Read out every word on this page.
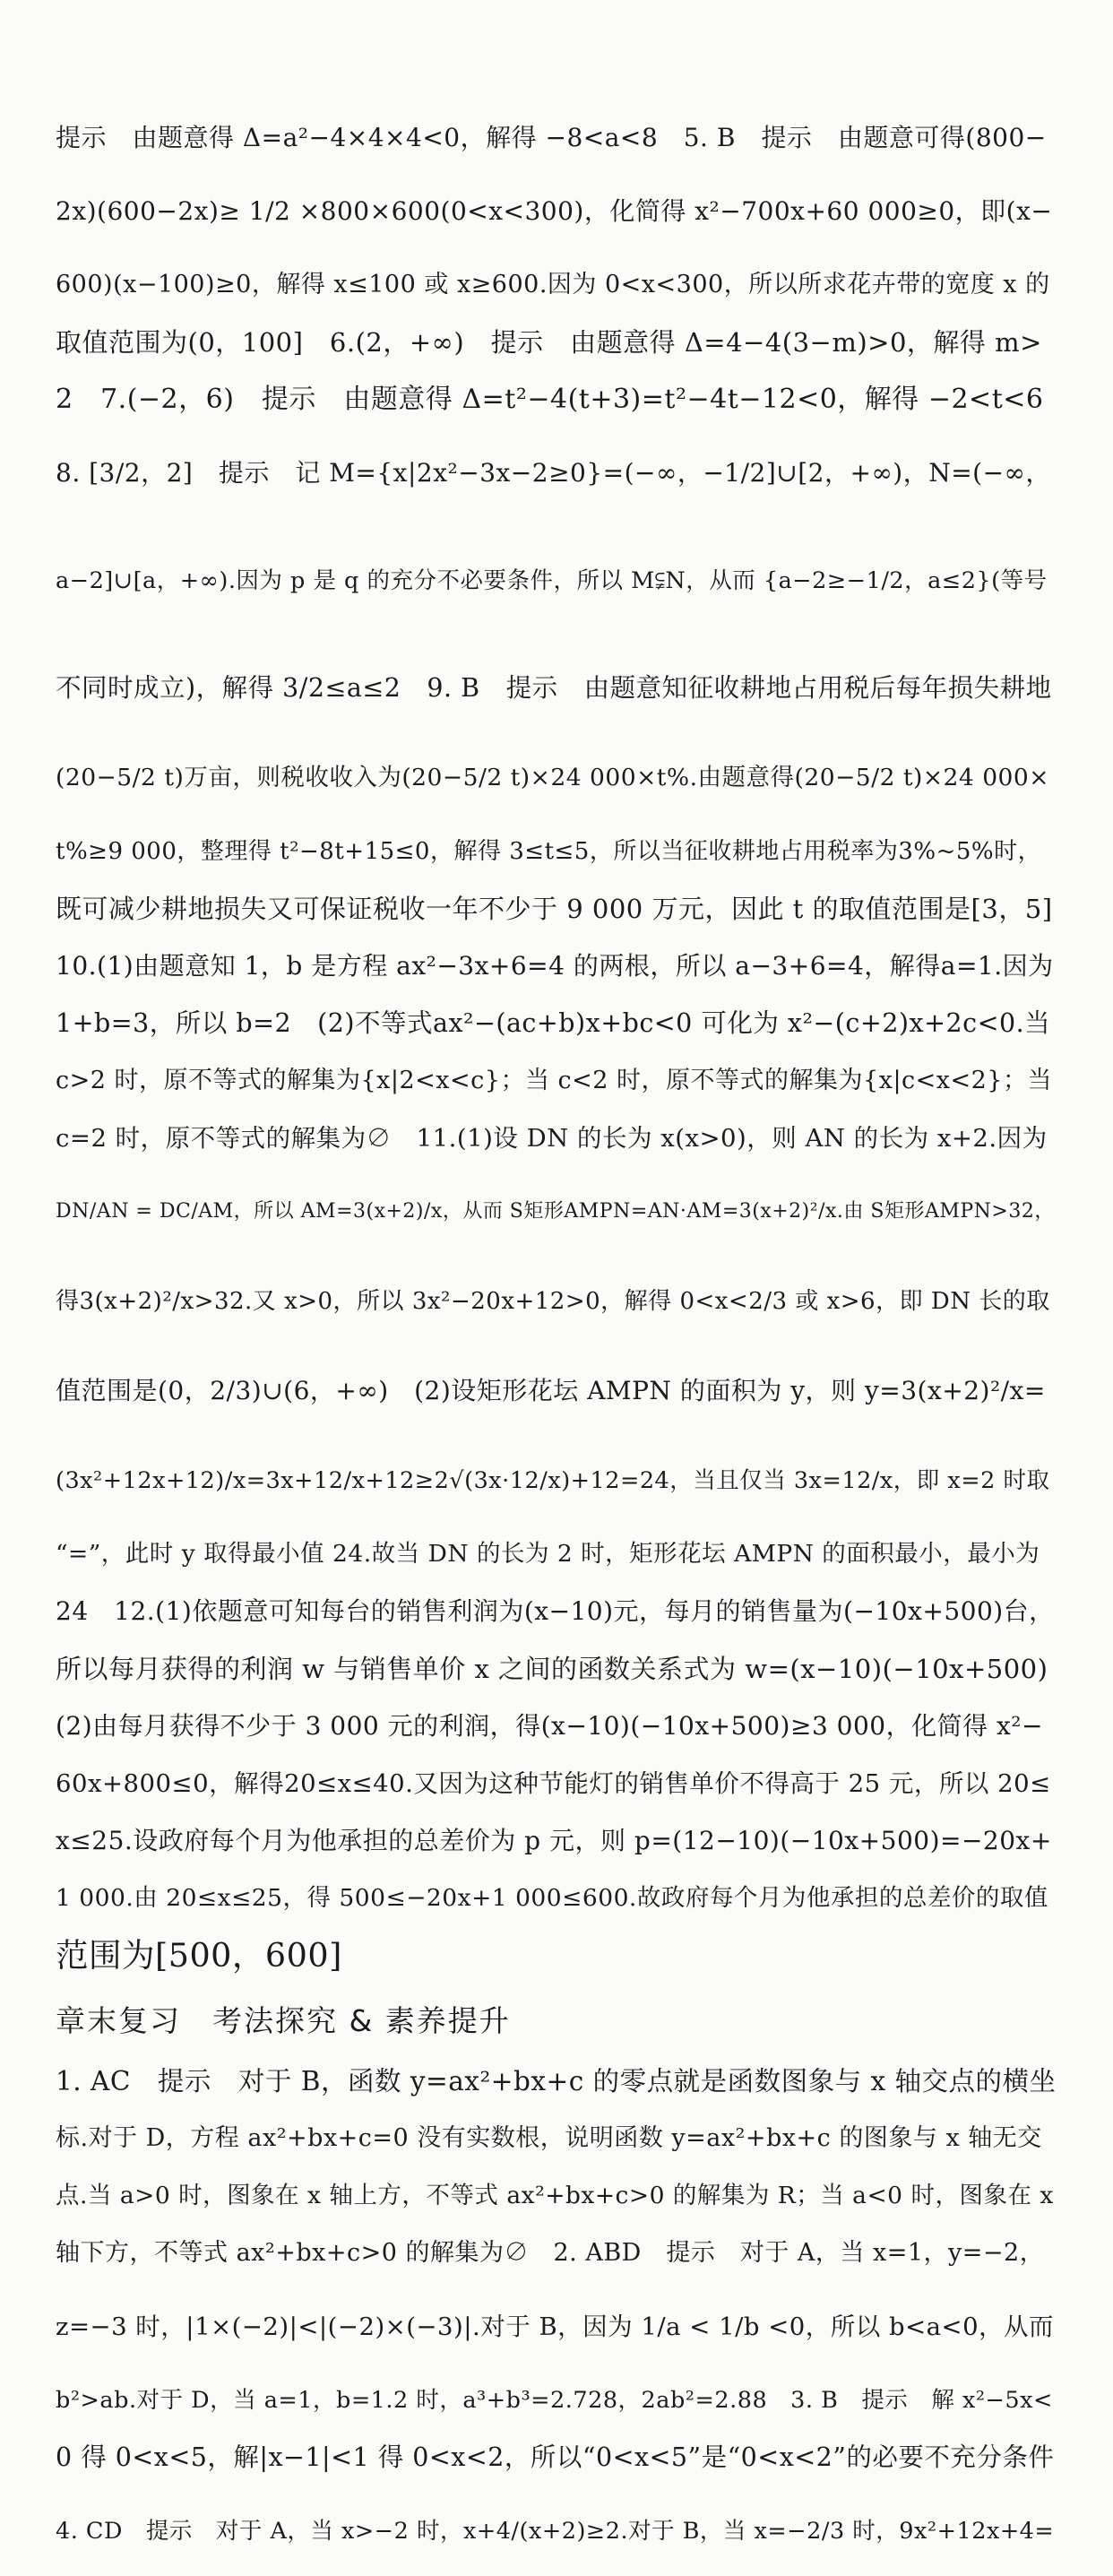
提示　由题意得 Δ=a²−4×4×4<0，解得 −8<a<8　5. B　提示　由题意可得(800−
2x)(600−2x)≥ 1/2 ×800×600(0<x<300)，化简得 x²−700x+60 000≥0，即(x−
600)(x−100)≥0，解得 x≤100 或 x≥600.因为 0<x<300，所以所求花卉带的宽度 x 的
取值范围为(0，100]　6.(2，+∞)　提示　由题意得 Δ=4−4(3−m)>0，解得 m>
2　7.(−2，6)　提示　由题意得 Δ=t²−4(t+3)=t²−4t−12<0，解得 −2<t<6
8. [3/2，2]　提示　记 M={x|2x²−3x−2≥0}=(−∞，−1/2]∪[2，+∞)，N=(−∞，
a−2]∪[a，+∞).因为 p 是 q 的充分不必要条件，所以 M⫋N，从而 {a−2≥−1/2，a≤2}(等号
不同时成立)，解得 3/2≤a≤2　9. B　提示　由题意知征收耕地占用税后每年损失耕地
(20−5/2 t)万亩，则税收收入为(20−5/2 t)×24 000×t%.由题意得(20−5/2 t)×24 000×
t%≥9 000，整理得 t²−8t+15≤0，解得 3≤t≤5，所以当征收耕地占用税率为3%~5%时，
既可减少耕地损失又可保证税收一年不少于 9 000 万元，因此 t 的取值范围是[3，5]
10.(1)由题意知 1，b 是方程 ax²−3x+6=4 的两根，所以 a−3+6=4，解得a=1.因为
1+b=3，所以 b=2　(2)不等式ax²−(ac+b)x+bc<0 可化为 x²−(c+2)x+2c<0.当
c>2 时，原不等式的解集为{x|2<x<c}；当 c<2 时，原不等式的解集为{x|c<x<2}；当
c=2 时，原不等式的解集为∅　11.(1)设 DN 的长为 x(x>0)，则 AN 的长为 x+2.因为
DN/AN = DC/AM，所以 AM=3(x+2)/x，从而 S矩形AMPN=AN·AM=3(x+2)²/x.由 S矩形AMPN>32，
得3(x+2)²/x>32.又 x>0，所以 3x²−20x+12>0，解得 0<x<2/3 或 x>6，即 DN 长的取
值范围是(0，2/3)∪(6，+∞)　(2)设矩形花坛 AMPN 的面积为 y，则 y=3(x+2)²/x=
(3x²+12x+12)/x=3x+12/x+12≥2√(3x·12/x)+12=24，当且仅当 3x=12/x，即 x=2 时取
“=”，此时 y 取得最小值 24.故当 DN 的长为 2 时，矩形花坛 AMPN 的面积最小，最小为
24　12.(1)依题意可知每台的销售利润为(x−10)元，每月的销售量为(−10x+500)台，
所以每月获得的利润 w 与销售单价 x 之间的函数关系式为 w=(x−10)(−10x+500)
(2)由每月获得不少于 3 000 元的利润，得(x−10)(−10x+500)≥3 000，化简得 x²−
60x+800≤0，解得20≤x≤40.又因为这种节能灯的销售单价不得高于 25 元，所以 20≤
x≤25.设政府每个月为他承担的总差价为 p 元，则 p=(12−10)(−10x+500)=−20x+
1 000.由 20≤x≤25，得 500≤−20x+1 000≤600.故政府每个月为他承担的总差价的取值
范围为[500，600]
章末复习　考法探究 & 素养提升
1. AC　提示　对于 B，函数 y=ax²+bx+c 的零点就是函数图象与 x 轴交点的横坐
标.对于 D，方程 ax²+bx+c=0 没有实数根，说明函数 y=ax²+bx+c 的图象与 x 轴无交
点.当 a>0 时，图象在 x 轴上方，不等式 ax²+bx+c>0 的解集为 R；当 a<0 时，图象在 x
轴下方，不等式 ax²+bx+c>0 的解集为∅　2. ABD　提示　对于 A，当 x=1，y=−2，
z=−3 时，|1×(−2)|<|(−2)×(−3)|.对于 B，因为 1/a < 1/b <0，所以 b<a<0，从而
b²>ab.对于 D，当 a=1，b=1.2 时，a³+b³=2.728，2ab²=2.88　3. B　提示　解 x²−5x<
0 得 0<x<5，解|x−1|<1 得 0<x<2，所以“0<x<5”是“0<x<2”的必要不充分条件
4. CD　提示　对于 A，当 x>−2 时，x+4/(x+2)≥2.对于 B，当 x=−2/3 时，9x²+12x+4=
